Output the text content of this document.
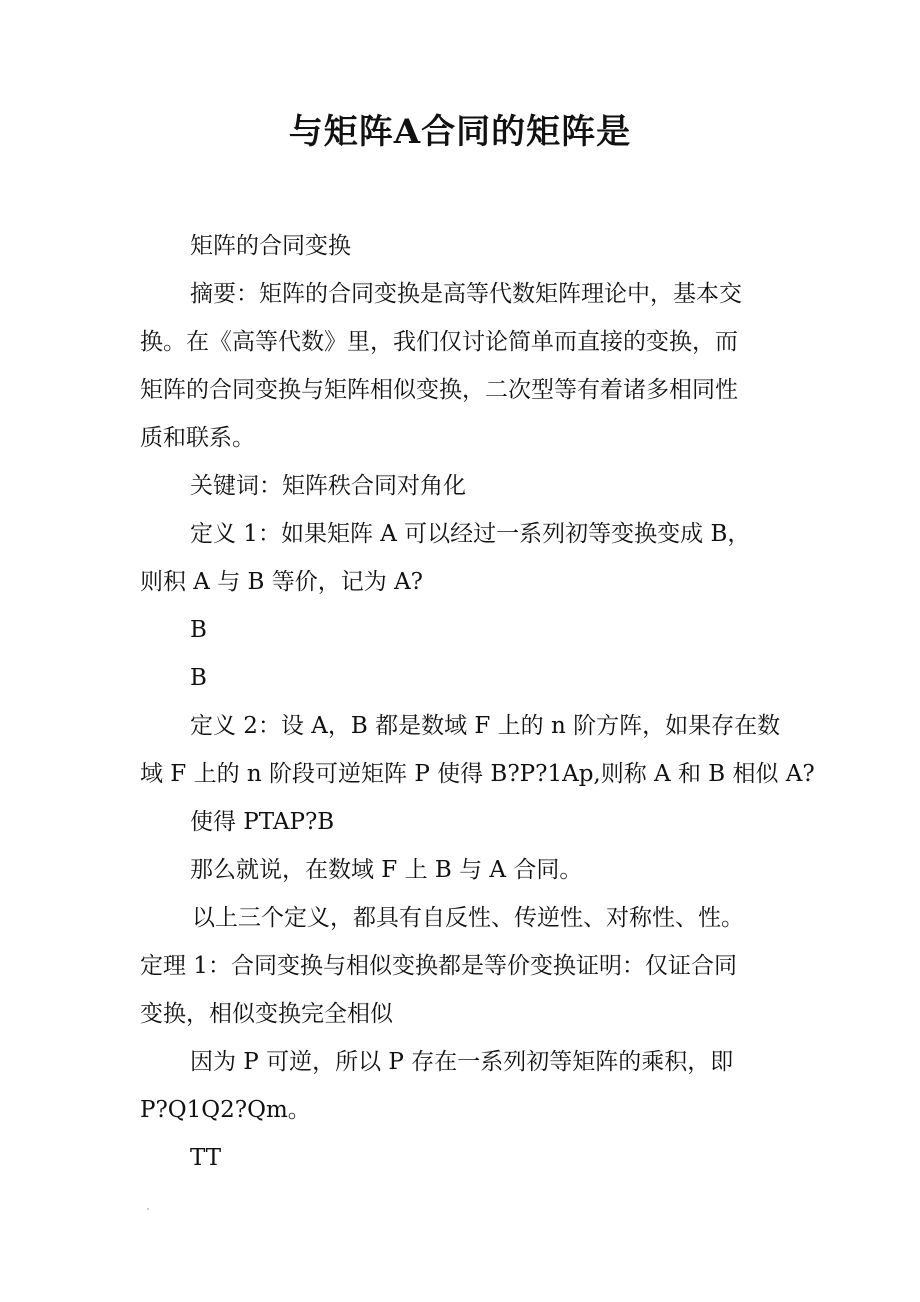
与矩阵A合同的矩阵是

矩阵的合同变换

摘要：矩阵的合同变换是高等代数矩阵理论中，基本交

换。在《高等代数》里，我们仅讨论简单而直接的变换，而

矩阵的合同变换与矩阵相似变换，二次型等有着诸多相同性

质和联系。

关键词：矩阵秩合同对角化

定义 1：如果矩阵 A 可以经过一系列初等变换变成 B，

则积 A 与 B 等价，记为 A?

B

B

定义 2：设 A，B 都是数域 F 上的 n 阶方阵，如果存在数

域 F 上的 n 阶段可逆矩阵 P 使得 B?P?1Ap,则称 A 和 B 相似 A?

使得 PTAP?B

那么就说，在数域 F 上 B 与 A 合同。

以上三个定义，都具有自反性、传逆性、对称性、性。

定理 1：合同变换与相似变换都是等价变换证明：仅证合同

变换，相似变换完全相似

因为 P 可逆，所以 P 存在一系列初等矩阵的乘积，即

P?Q1Q2?Qm。

TT
